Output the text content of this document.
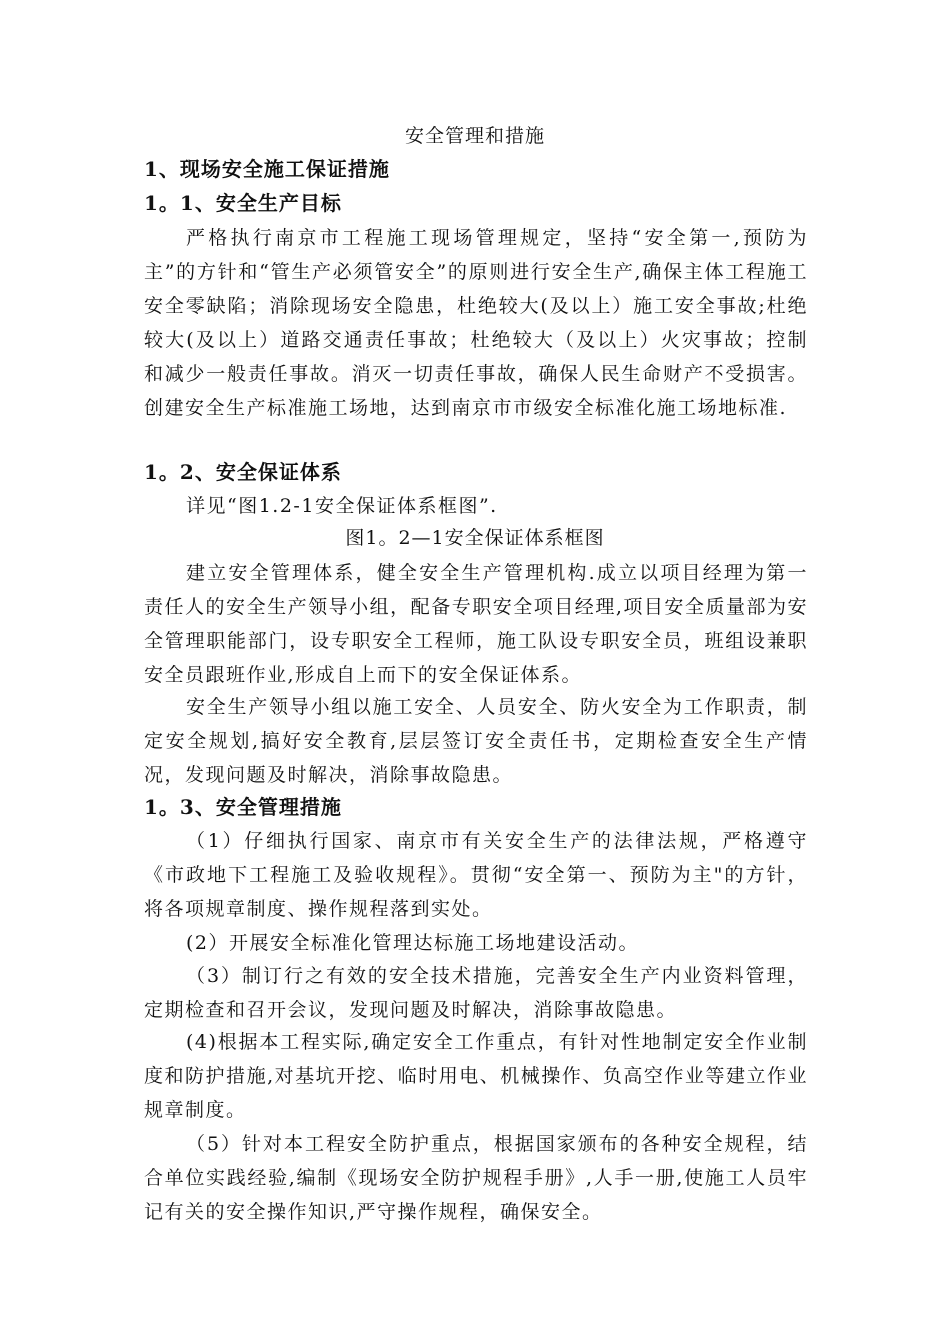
安全管理和措施
1、现场安全施工保证措施
1。1、安全生产目标

严格执行南京市工程施工现场管理规定，坚持“安全第一,预防为主”的方针和“管生产必须管安全”的原则进行安全生产,确保主体工程施工安全零缺陷；消除现场安全隐患，杜绝较大(及以上）施工安全事故;杜绝较大(及以上）道路交通责任事故；杜绝较大（及以上）火灾事故；控制和减少一般责任事故。消灭一切责任事故，确保人民生命财产不受损害。创建安全生产标准施工场地，达到南京市市级安全标准化施工场地标准.

1。2、安全保证体系

详见“图1.2-1安全保证体系框图”.

图1。2—1安全保证体系框图

建立安全管理体系，健全安全生产管理机构.成立以项目经理为第一责任人的安全生产领导小组，配备专职安全项目经理,项目安全质量部为安全管理职能部门，设专职安全工程师，施工队设专职安全员，班组设兼职安全员跟班作业,形成自上而下的安全保证体系。

安全生产领导小组以施工安全、人员安全、防火安全为工作职责，制定安全规划,搞好安全教育,层层签订安全责任书，定期检查安全生产情况，发现问题及时解决，消除事故隐患。

1。3、安全管理措施

（1）仔细执行国家、南京市有关安全生产的法律法规，严格遵守《市政地下工程施工及验收规程》。贯彻“安全第一、预防为主"的方针，将各项规章制度、操作规程落到实处。

(2）开展安全标准化管理达标施工场地建设活动。

（3）制订行之有效的安全技术措施，完善安全生产内业资料管理，定期检查和召开会议，发现问题及时解决，消除事故隐患。

(4)根据本工程实际,确定安全工作重点，有针对性地制定安全作业制度和防护措施,对基坑开挖、临时用电、机械操作、负高空作业等建立作业规章制度。

（5）针对本工程安全防护重点，根据国家颁布的各种安全规程，结合单位实践经验,编制《现场安全防护规程手册》,人手一册,使施工人员牢记有关的安全操作知识,严守操作规程，确保安全。
